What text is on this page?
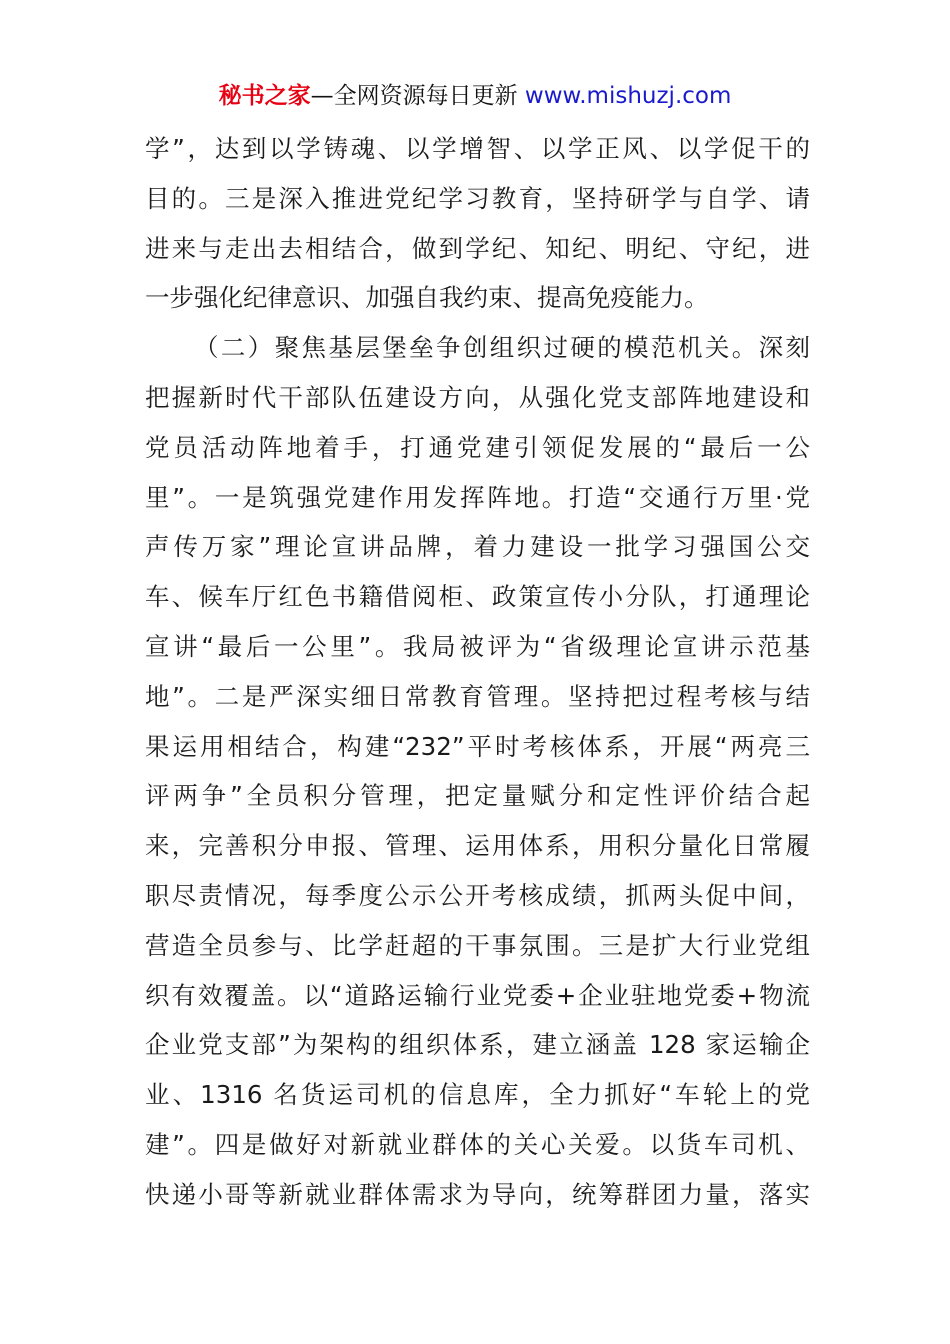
秘书之家—全网资源每日更新 www.mishuzj.com
学”，达到以学铸魂、以学增智、以学正风、以学促干的
目的。三是深入推进党纪学习教育，坚持研学与自学、请
进来与走出去相结合，做到学纪、知纪、明纪、守纪，进
一步强化纪律意识、加强自我约束、提高免疫能力。
（二）聚焦基层堡垒争创组织过硬的模范机关。深刻
把握新时代干部队伍建设方向，从强化党支部阵地建设和
党员活动阵地着手，打通党建引领促发展的“最后一公
里”。一是筑强党建作用发挥阵地。打造“交通行万里·党
声传万家”理论宣讲品牌，着力建设一批学习强国公交
车、候车厅红色书籍借阅柜、政策宣传小分队，打通理论
宣讲“最后一公里”。我局被评为“省级理论宣讲示范基
地”。二是严深实细日常教育管理。坚持把过程考核与结
果运用相结合，构建“232”平时考核体系，开展“两亮三
评两争”全员积分管理，把定量赋分和定性评价结合起
来，完善积分申报、管理、运用体系，用积分量化日常履
职尽责情况，每季度公示公开考核成绩，抓两头促中间，
营造全员参与、比学赶超的干事氛围。三是扩大行业党组
织有效覆盖。以“道路运输行业党委+企业驻地党委+物流
企业党支部”为架构的组织体系，建立涵盖 128 家运输企
业、1316 名货运司机的信息库，全力抓好“车轮上的党
建”。四是做好对新就业群体的关心关爱。以货车司机、
快递小哥等新就业群体需求为导向，统筹群团力量，落实
